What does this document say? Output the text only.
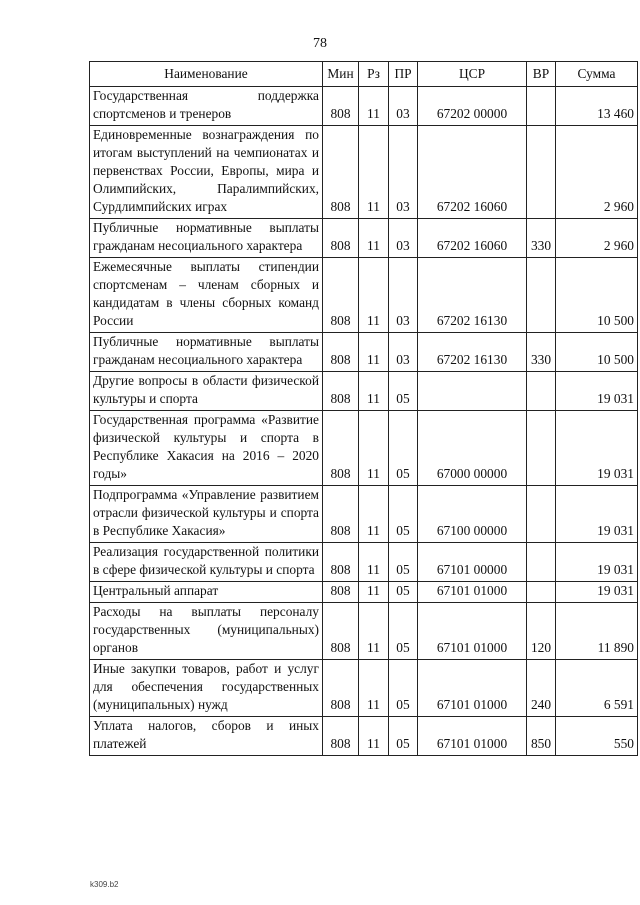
78
Наименование	Мин	Рз	ПР	ЦСР	ВР	Сумма
Государственная поддержка спортсменов и тренеров	808	11	03	67202 00000		13 460
Единовременные вознаграждения по итогам выступлений на чемпионатах и первенствах России, Европы, мира и Олимпийских, Паралимпийских, Сурдлимпийских играх	808	11	03	67202 16060		2 960
Публичные нормативные выплаты гражданам несоциального характера	808	11	03	67202 16060	330	2 960
Ежемесячные выплаты стипендии спортсменам – членам сборных и кандидатам в члены сборных команд России	808	11	03	67202 16130		10 500
Публичные нормативные выплаты гражданам несоциального характера	808	11	03	67202 16130	330	10 500
Другие вопросы в области физической культуры и спорта	808	11	05			19 031
Государственная программа «Развитие физической культуры и спорта в Республике Хакасия на 2016 – 2020 годы»	808	11	05	67000 00000		19 031
Подпрограмма «Управление развитием отрасли физической культуры и спорта в Республике Хакасия»	808	11	05	67100 00000		19 031
Реализация государственной политики в сфере физической культуры и спорта	808	11	05	67101 00000		19 031
Центральный аппарат	808	11	05	67101 01000		19 031
Расходы на выплаты персоналу государственных (муниципальных) органов	808	11	05	67101 01000	120	11 890
Иные закупки товаров, работ и услуг для обеспечения государственных (муниципальных) нужд	808	11	05	67101 01000	240	6 591
Уплата налогов, сборов и иных платежей	808	11	05	67101 01000	850	550
k309.b2
